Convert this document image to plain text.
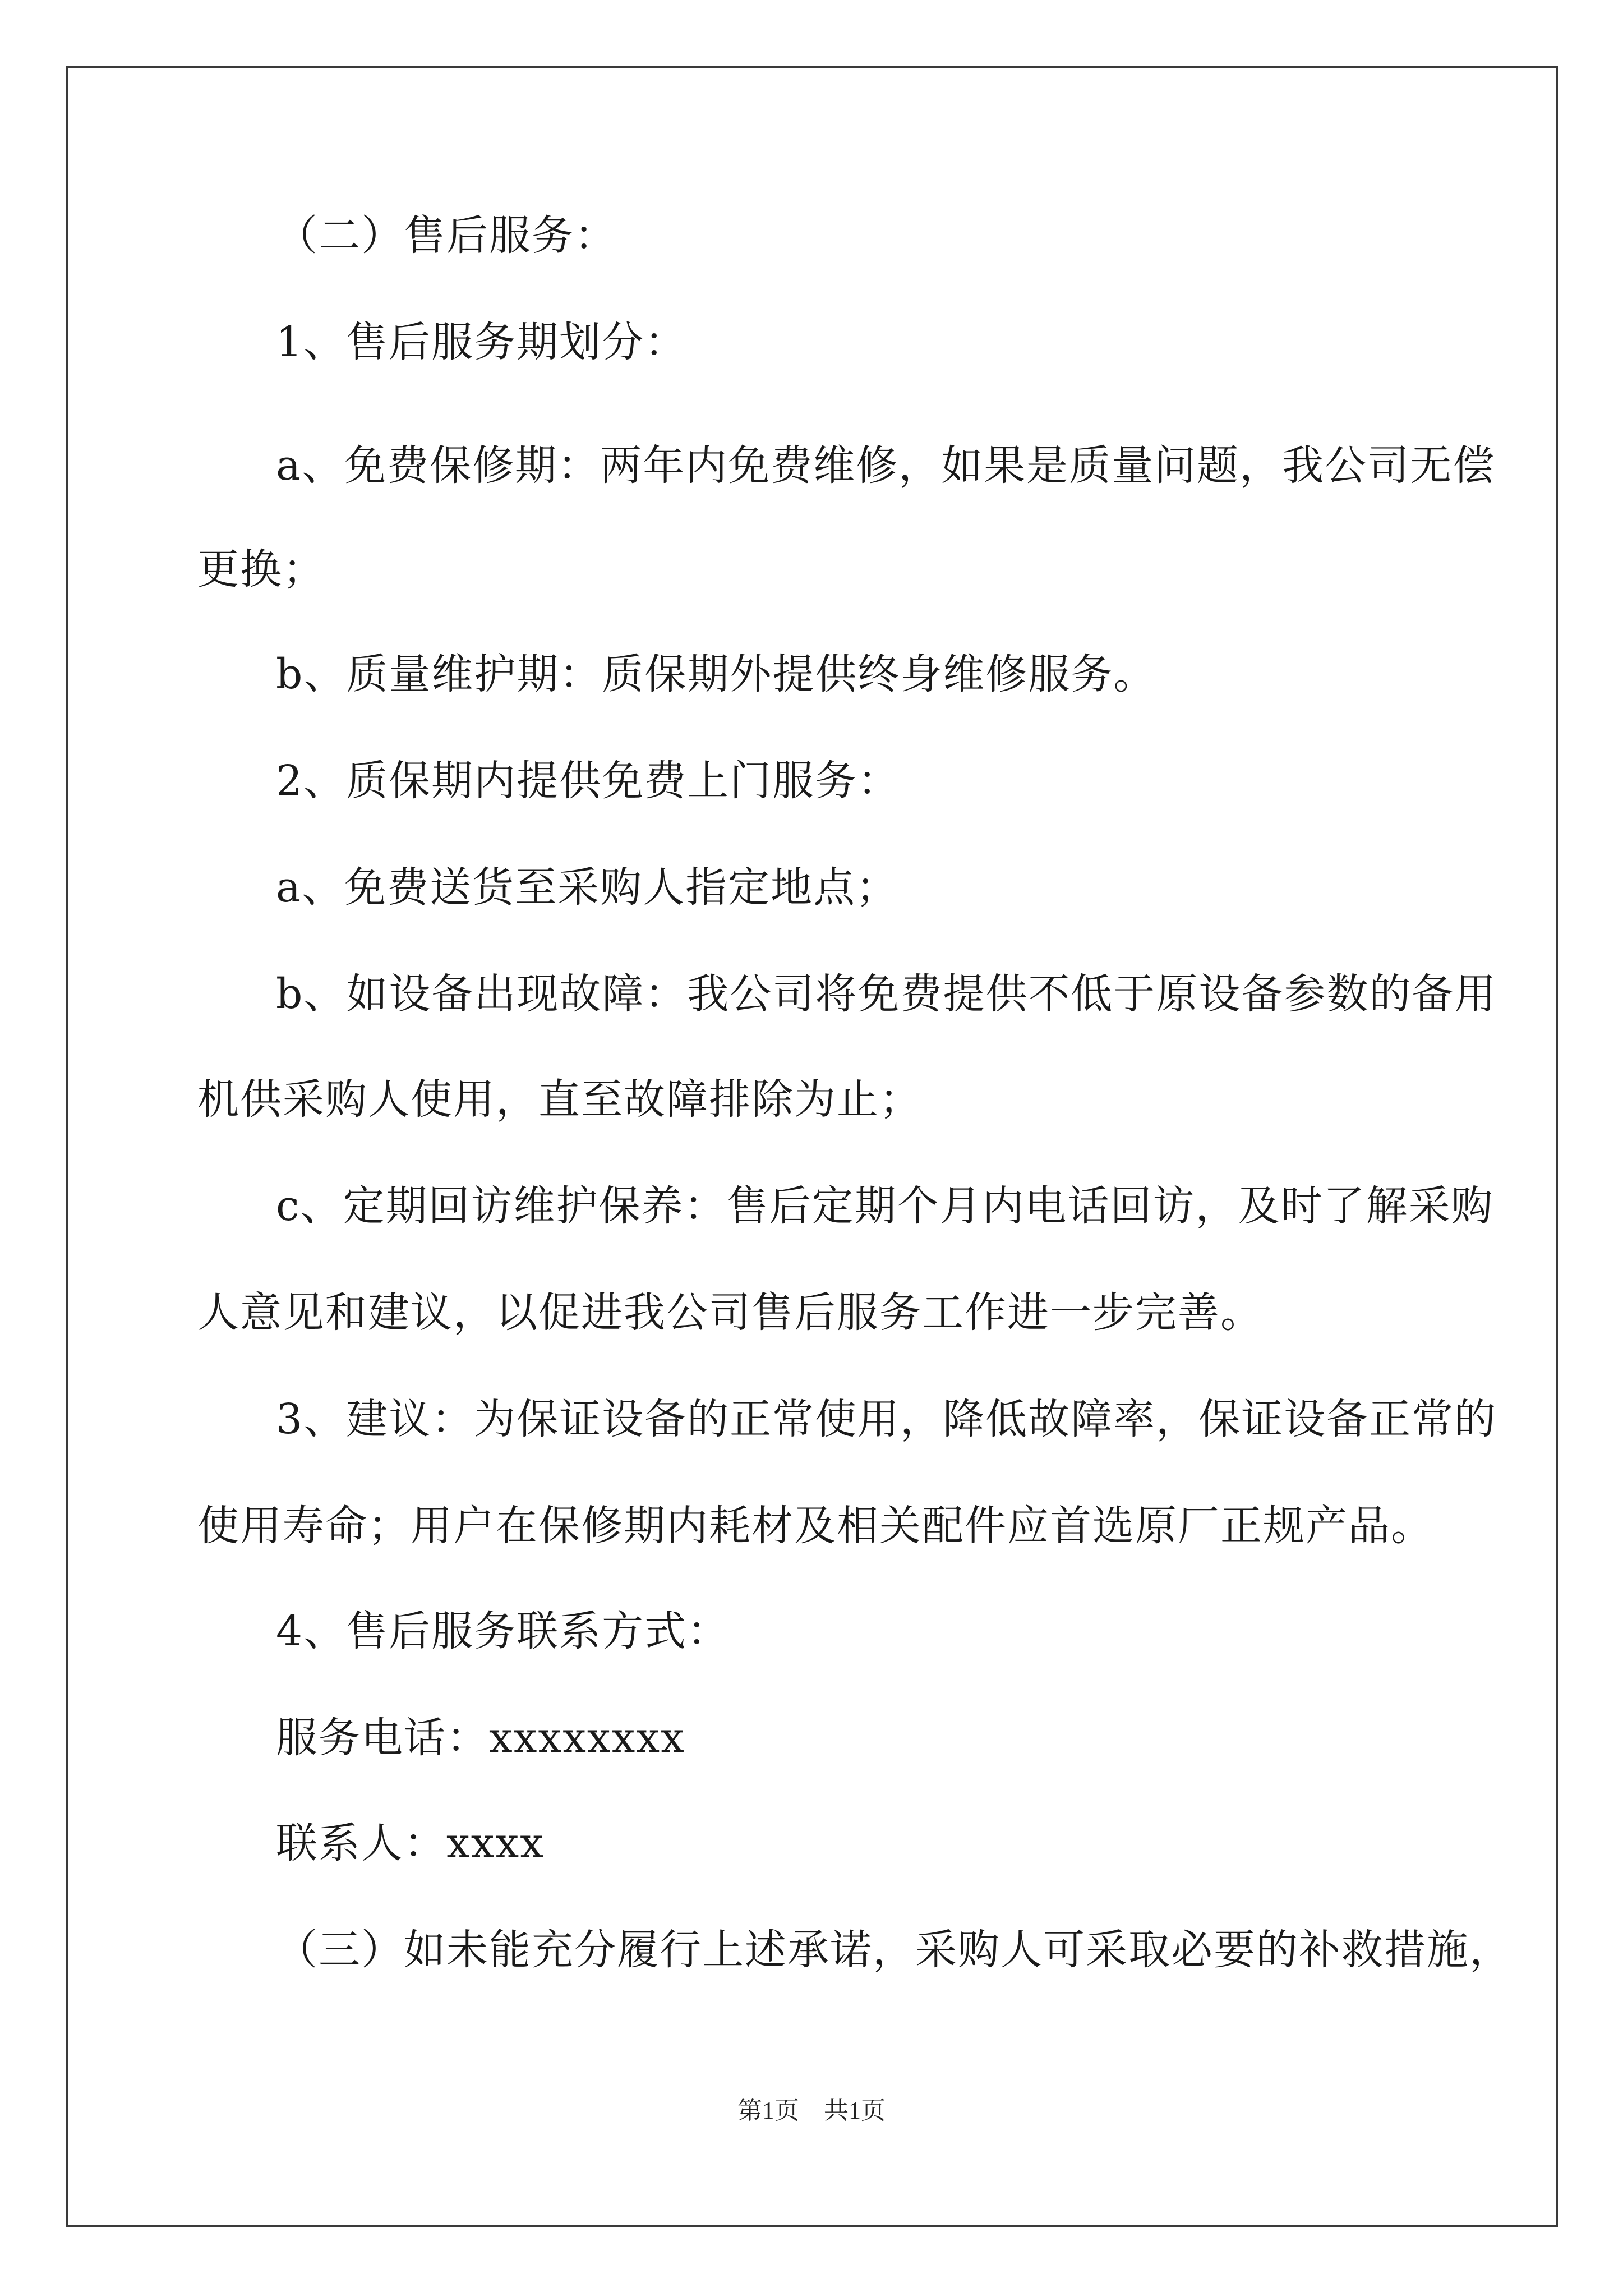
（二）售后服务：
1、售后服务期划分：
a、免费保修期：两年内免费维修，如果是质量问题，我公司无偿
更换；
b、质量维护期：质保期外提供终身维修服务。
2、质保期内提供免费上门服务：
a、免费送货至采购人指定地点；
b、如设备出现故障：我公司将免费提供不低于原设备参数的备用
机供采购人使用，直至故障排除为止；
c、定期回访维护保养：售后定期个月内电话回访，及时了解采购
人意见和建议，以促进我公司售后服务工作进一步完善。
3、建议：为保证设备的正常使用，降低故障率，保证设备正常的
使用寿命；用户在保修期内耗材及相关配件应首选原厂正规产品。
4、售后服务联系方式：
服务电话：xxxxxxxx
联系人：xxxx
（三）如未能充分履行上述承诺，采购人可采取必要的补救措施，
第1页　共1页
